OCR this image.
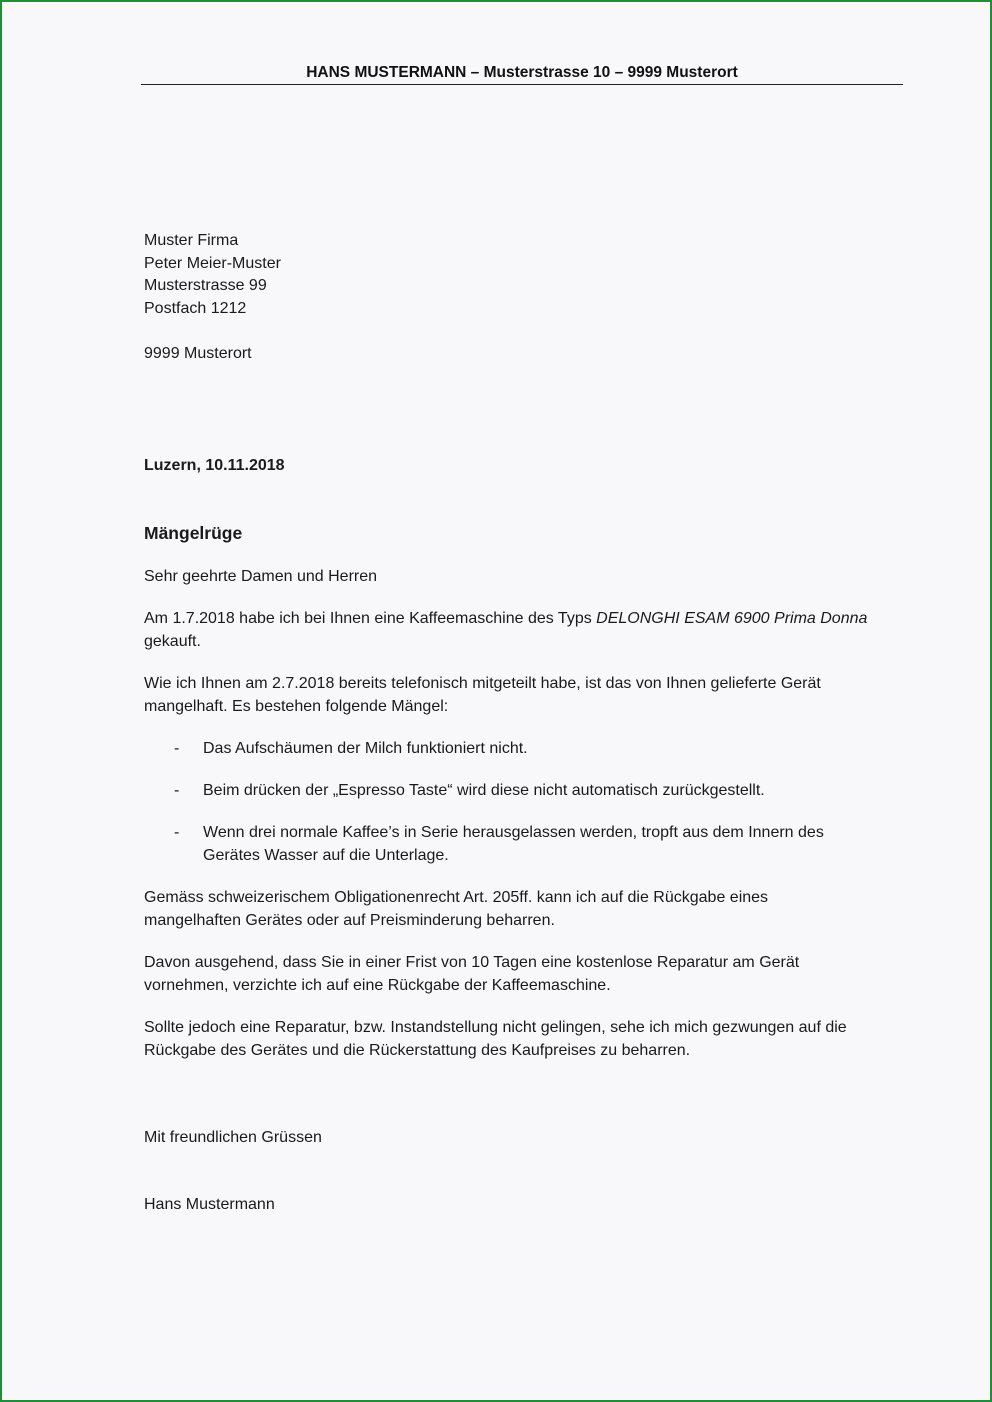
HANS MUSTERMANN – Musterstrasse 10 – 9999 Musterort
Muster Firma
Peter Meier-Muster
Musterstrasse 99
Postfach 1212
9999 Musterort
Luzern, 10.11.2018
Mängelrüge
Sehr geehrte Damen und Herren
Am 1.7.2018 habe ich bei Ihnen eine Kaffeemaschine des Typs DELONGHI ESAM 6900 Prima Donna
gekauft.
Wie ich Ihnen am 2.7.2018 bereits telefonisch mitgeteilt habe, ist das von Ihnen gelieferte Gerät
mangelhaft. Es bestehen folgende Mängel:
- Das Aufschäumen der Milch funktioniert nicht.
- Beim drücken der „Espresso Taste“ wird diese nicht automatisch zurückgestellt.
- Wenn drei normale Kaffee’s in Serie herausgelassen werden, tropft aus dem Innern des
Gerätes Wasser auf die Unterlage.
Gemäss schweizerischem Obligationenrecht Art. 205ff. kann ich auf die Rückgabe eines
mangelhaften Gerätes oder auf Preisminderung beharren.
Davon ausgehend, dass Sie in einer Frist von 10 Tagen eine kostenlose Reparatur am Gerät
vornehmen, verzichte ich auf eine Rückgabe der Kaffeemaschine.
Sollte jedoch eine Reparatur, bzw. Instandstellung nicht gelingen, sehe ich mich gezwungen auf die
Rückgabe des Gerätes und die Rückerstattung des Kaufpreises zu beharren.
Mit freundlichen Grüssen
Hans Mustermann
